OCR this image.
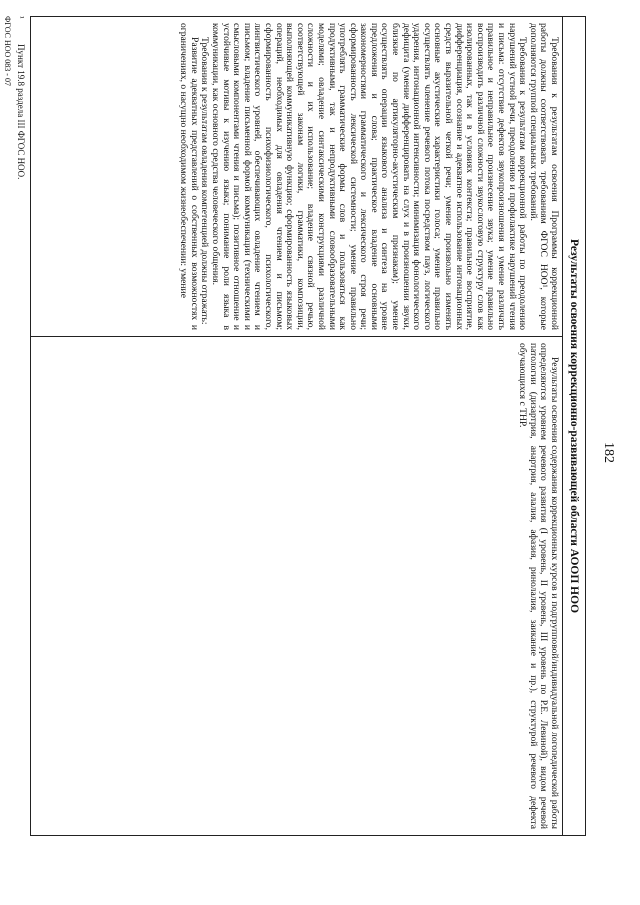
182
Результаты освоения коррекционно-развивающей области АООП НОО

Требования к результатам освоения Программы коррекционной работы должны соответствовать требованиям ФГОС НОО¹, которые дополняются группой специальных требований.

Требования к результатам коррекционной работы по преодолению нарушений устной речи, преодолению и профилактике нарушений чтения и письма: отсутствие дефектов звукопроизношения и умение различать правильное и неправильное произнесение звука; умение правильно воспроизводить различной сложности звукослоговую структуру слов как изолированных, так и в условиях контекста; правильное восприятие, дифференциация, осознание и адекватное использование интонационных средств выразительной четкой речи; умение произвольно изменять основные акустические характеристики голоса; умение правильно осуществлять членение речевого потока посредством пауз, логического ударения, интонационной интенсивности; минимизация фонологического дефицита (умение дифференцировать на слух и в произношении звуки, близкие по артикуляторно-акустическим признакам); умение осуществлять операции языкового анализа и синтеза на уровне предложения и слова; практическое владение основными закономерностями грамматического и лексического строя речи; сформированность лексической системности; умение правильно употреблять грамматические формы слов и пользоваться как продуктивными, так и непродуктивными словообразовательными моделями; овладение синтаксическими конструкциями различной сложности и их использование; владение связной речью, соответствующей законам логики, грамматики, композиции, выполняющей коммуникативную функцию; сформированность языковых операций, необходимых для овладения чтением и письмом; сформированность психофизиологического, психологического, лингвистического уровней, обеспечивающих овладение чтением и письмом; владение письменной формой коммуникации (техническими и смысловыми компонентами чтения и письма); позитивное отношение и устойчивые мотивы к изучению языка; понимание роли языка в коммуникации, как основного средства человеческого общения.

Требования к результатам овладения компетенцией должны отражать:

Развитие адекватных представлений о собственных возможностях и ограничениях, о насущно необходимом жизнеобеспечении: умение

Результаты освоения содержания коррекционных курсов и подгрупповой/индивидуальной логопедической работы определяются уровнем речевого развития (I уровень, II уровень, III уровень по Р.Е. Левиной), видом речевой патологии (дизартрия, анартрия, алалия, афазия, ринолалия, заикание и пр.), структурой речевого дефекта обучающихся с ТНР.

¹Пункт 19.8 раздела III ФГОС НОО.
ФГОС НОО 083 - 07
